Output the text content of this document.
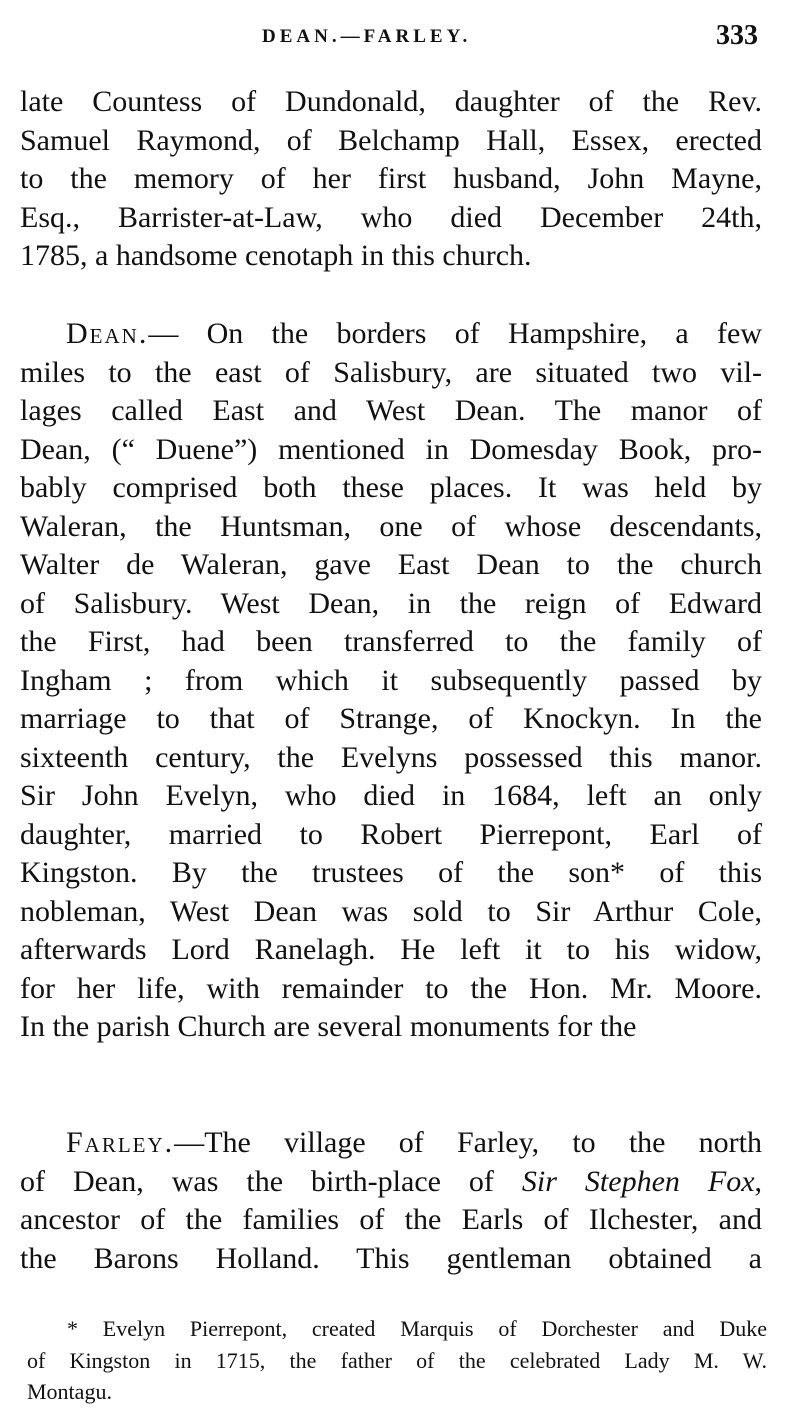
DEAN.—FARLEY.	333
late Countess of Dundonald, daughter of the Rev.
Samuel Raymond, of Belchamp Hall, Essex, erected
to the memory of her first husband, John Mayne,
Esq., Barrister-at-Law, who died December 24th,
1785, a handsome cenotaph in this church.
Dean.— On the borders of Hampshire, a few
miles to the east of Salisbury, are situated two vil-
lages called East and West Dean. The manor of
Dean, (“ Duene”) mentioned in Domesday Book, pro-
bably comprised both these places. It was held by
Waleran, the Huntsman, one of whose descendants,
Walter de Waleran, gave East Dean to the church
of Salisbury. West Dean, in the reign of Edward
the First, had been transferred to the family of
Ingham ; from which it subsequently passed by
marriage to that of Strange, of Knockyn. In the
sixteenth century, the Evelyns possessed this manor.
Sir John Evelyn, who died in 1684, left an only
daughter, married to Robert Pierrepont, Earl of
Kingston. By the trustees of the son* of this
nobleman, West Dean was sold to Sir Arthur Cole,
afterwards Lord Ranelagh. He left it to his widow,
for her life, with remainder to the Hon. Mr. Moore.
In the parish Church are several monuments for the
Farley.—The village of Farley, to the north
of Dean, was the birth-place of Sir Stephen Fox,
ancestor of the families of the Earls of Ilchester, and
the Barons Holland. This gentleman obtained a
* Evelyn Pierrepont, created Marquis of Dorchester and Duke
of Kingston in 1715, the father of the celebrated Lady M. W.
Montagu.
